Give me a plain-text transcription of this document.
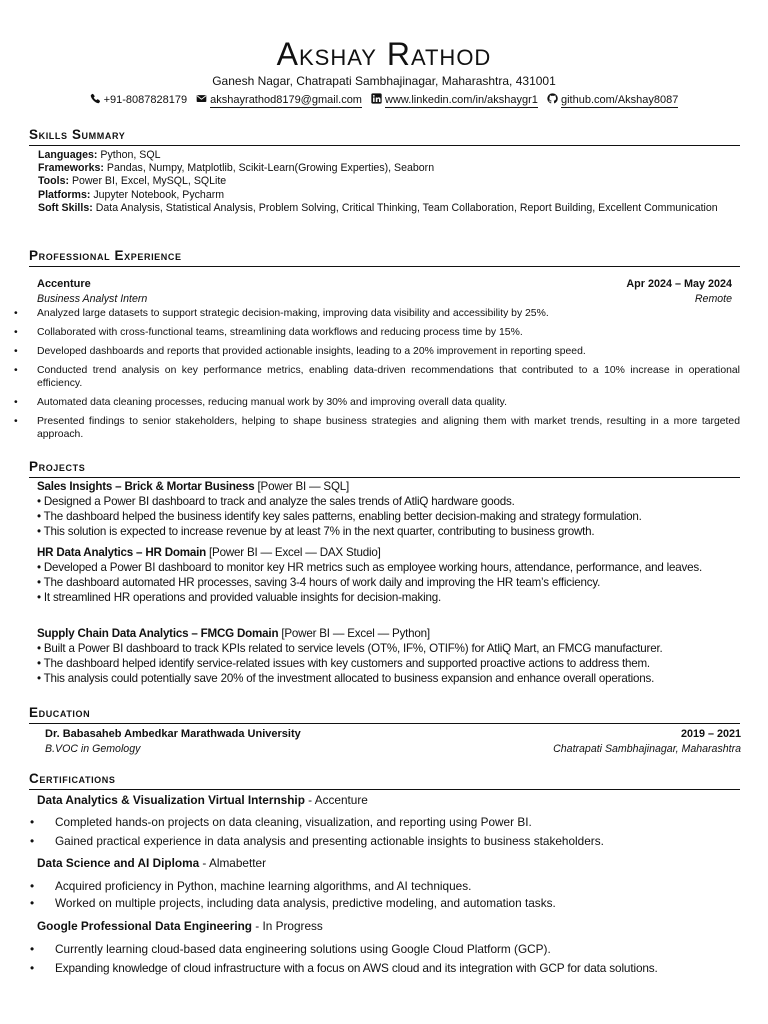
Akshay Rathod
Ganesh Nagar, Chatrapati Sambhajinagar, Maharashtra, 431001
+91-8087828179 akshayrathod8179@gmail.com www.linkedin.com/in/akshaygr1 github.com/Akshay8087
Skills Summary
Languages: Python, SQL
Frameworks: Pandas, Numpy, Matplotlib, Scikit-Learn(Growing Experties), Seaborn
Tools: Power BI, Excel, MySQL, SQLite
Platforms: Jupyter Notebook, Pycharm
Soft Skills: Data Analysis, Statistical Analysis, Problem Solving, Critical Thinking, Team Collaboration, Report Building, Excellent Communication
Professional Experience
Accenture	Apr 2024 – May 2024
Business Analyst Intern	Remote
• Analyzed large datasets to support strategic decision-making, improving data visibility and accessibility by 25%.
• Collaborated with cross-functional teams, streamlining data workflows and reducing process time by 15%.
• Developed dashboards and reports that provided actionable insights, leading to a 20% improvement in reporting speed.
• Conducted trend analysis on key performance metrics, enabling data-driven recommendations that contributed to a 10% increase in operational efficiency.
• Automated data cleaning processes, reducing manual work by 30% and improving overall data quality.
• Presented findings to senior stakeholders, helping to shape business strategies and aligning them with market trends, resulting in a more targeted approach.
Projects
Sales Insights – Brick & Mortar Business [Power BI — SQL]
• Designed a Power BI dashboard to track and analyze the sales trends of AtliQ hardware goods.
• The dashboard helped the business identify key sales patterns, enabling better decision-making and strategy formulation.
• This solution is expected to increase revenue by at least 7% in the next quarter, contributing to business growth.
HR Data Analytics – HR Domain [Power BI — Excel — DAX Studio]
• Developed a Power BI dashboard to monitor key HR metrics such as employee working hours, attendance, performance, and leaves.
• The dashboard automated HR processes, saving 3-4 hours of work daily and improving the HR team’s efficiency.
• It streamlined HR operations and provided valuable insights for decision-making.
Supply Chain Data Analytics – FMCG Domain [Power BI — Excel — Python]
• Built a Power BI dashboard to track KPIs related to service levels (OT%, IF%, OTIF%) for AtliQ Mart, an FMCG manufacturer.
• The dashboard helped identify service-related issues with key customers and supported proactive actions to address them.
• This analysis could potentially save 20% of the investment allocated to business expansion and enhance overall operations.
Education
Dr. Babasaheb Ambedkar Marathwada University	2019 – 2021
B.VOC in Gemology	Chatrapati Sambhajinagar, Maharashtra
Certifications
Data Analytics & Visualization Virtual Internship - Accenture
• Completed hands-on projects on data cleaning, visualization, and reporting using Power BI.
• Gained practical experience in data analysis and presenting actionable insights to business stakeholders.
Data Science and AI Diploma - Almabetter
• Acquired proficiency in Python, machine learning algorithms, and AI techniques.
• Worked on multiple projects, including data analysis, predictive modeling, and automation tasks.
Google Professional Data Engineering - In Progress
• Currently learning cloud-based data engineering solutions using Google Cloud Platform (GCP).
• Expanding knowledge of cloud infrastructure with a focus on AWS cloud and its integration with GCP for data solutions.
